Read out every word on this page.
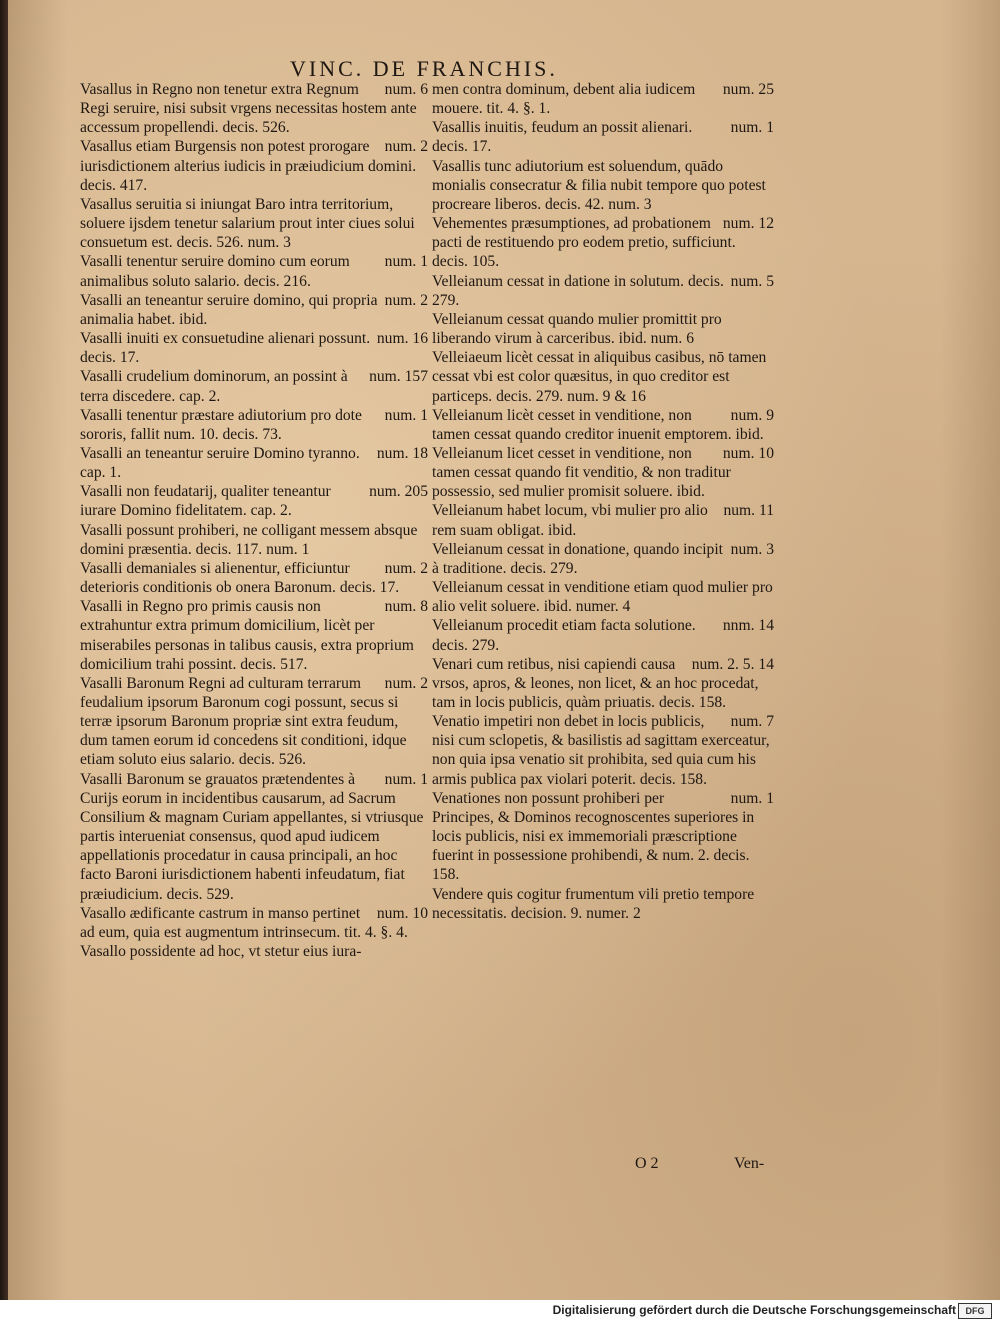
VINC. DE FRANCHIS.
num. 6
Vasallus in Regno non tenetur extra Regnum Regi seruire, nisi subsit vrgens necessitas hostem ante accessum propellendi. decis. 526.
num. 2
Vasallus etiam Burgensis non potest prorogare iurisdictionem alterius iudicis in præiudicium domini. decis. 417.
Vasallus seruitia si iniungat Baro intra territorium, soluere ijsdem tenetur salarium prout inter ciues solui consuetum est. decis. 526. num. 3
num. 1
Vasalli tenentur seruire domino cum eorum animalibus soluto salario. decis. 216.
num. 2
Vasalli an teneantur seruire domino, qui propria animalia habet. ibid.
num. 16
Vasalli inuiti ex consuetudine alienari possunt. decis. 17.
num. 157
Vasalli crudelium dominorum, an possint à terra discedere. cap. 2.
num. 1
Vasalli tenentur præstare adiutorium pro dote sororis, fallit num. 10. decis. 73.
num. 18
Vasalli an teneantur seruire Domino tyranno. cap. 1.
num. 205
Vasalli non feudatarij, qualiter teneantur iurare Domino fidelitatem. cap. 2.
Vasalli possunt prohiberi, ne colligant messem absque domini præsentia. decis. 117. num. 1
num. 2
Vasalli demaniales si alienentur, efficiuntur deterioris conditionis ob onera Baronum. decis. 17.
num. 8
Vasalli in Regno pro primis causis non extrahuntur extra primum domicilium, licèt per miserabiles personas in talibus causis, extra proprium domicilium trahi possint. decis. 517.
num. 2
Vasalli Baronum Regni ad culturam terrarum feudalium ipsorum Baronum cogi possunt, secus si terræ ipsorum Baronum propriæ sint extra feudum, dum tamen eorum id concedens sit conditioni, idque etiam soluto eius salario. decis. 526.
num. 1
Vasalli Baronum se grauatos prætendentes à Curijs eorum in incidentibus causarum, ad Sacrum Consilium & magnam Curiam appellantes, si vtriusque partis interueniat consensus, quod apud iudicem appellationis procedatur in causa principali, an hoc facto Baroni iurisdictionem habenti infeudatum, fiat præiudicium. decis. 529.
num. 10
Vasallo ædificante castrum in manso pertinet ad eum, quia est augmentum intrinsecum. tit. 4. §. 4.
Vasallo possidente ad hoc, vt stetur eius iura-
num. 25
men contra dominum, debent alia iudicem mouere. tit. 4. §. 1.
num. 1
Vasallis inuitis, feudum an possit alienari. decis. 17.
Vasallis tunc adiutorium est soluendum, quādo monialis consecratur & filia nubit tempore quo potest procreare liberos. decis. 42. num. 3
num. 12
Vehementes præsumptiones, ad probationem pacti de restituendo pro eodem pretio, sufficiunt. decis. 105.
num. 5
Velleianum cessat in datione in solutum. decis. 279.
Velleianum cessat quando mulier promittit pro liberando virum à carceribus. ibid. num. 6
Velleiaeum licèt cessat in aliquibus casibus, nō tamen cessat vbi est color quæsitus, in quo creditor est particeps. decis. 279. num. 9 & 16
num. 9
Velleianum licèt cesset in venditione, non tamen cessat quando creditor inuenit emptorem. ibid.
num. 10
Velleianum licet cesset in venditione, non tamen cessat quando fit venditio, & non traditur possessio, sed mulier promisit soluere. ibid.
num. 11
Velleianum habet locum, vbi mulier pro alio rem suam obligat. ibid.
num. 3
Velleianum cessat in donatione, quando incipit à traditione. decis. 279.
Velleianum cessat in venditione etiam quod mulier pro alio velit soluere. ibid. numer. 4
nnm. 14
Velleianum procedit etiam facta solutione. decis. 279.
num. 2. 5. 14
Venari cum retibus, nisi capiendi causa vrsos, apros, & leones, non licet, & an hoc procedat, tam in locis publicis, quàm priuatis. decis. 158.
num. 7
Venatio impetiri non debet in locis publicis, nisi cum sclopetis, & basilistis ad sagittam exerceatur, non quia ipsa venatio sit prohibita, sed quia cum his armis publica pax violari poterit. decis. 158.
num. 1
Venationes non possunt prohiberi per Principes, & Dominos recognoscentes superiores in locis publicis, nisi ex immemoriali præscriptione fuerint in possessione prohibendi, & num. 2. decis. 158.
Vendere quis cogitur frumentum vili pretio tempore necessitatis. decision. 9. numer. 2
O 2	Ven-
Digitalisierung gefördert durch die Deutsche Forschungsgemeinschaft	DFG
